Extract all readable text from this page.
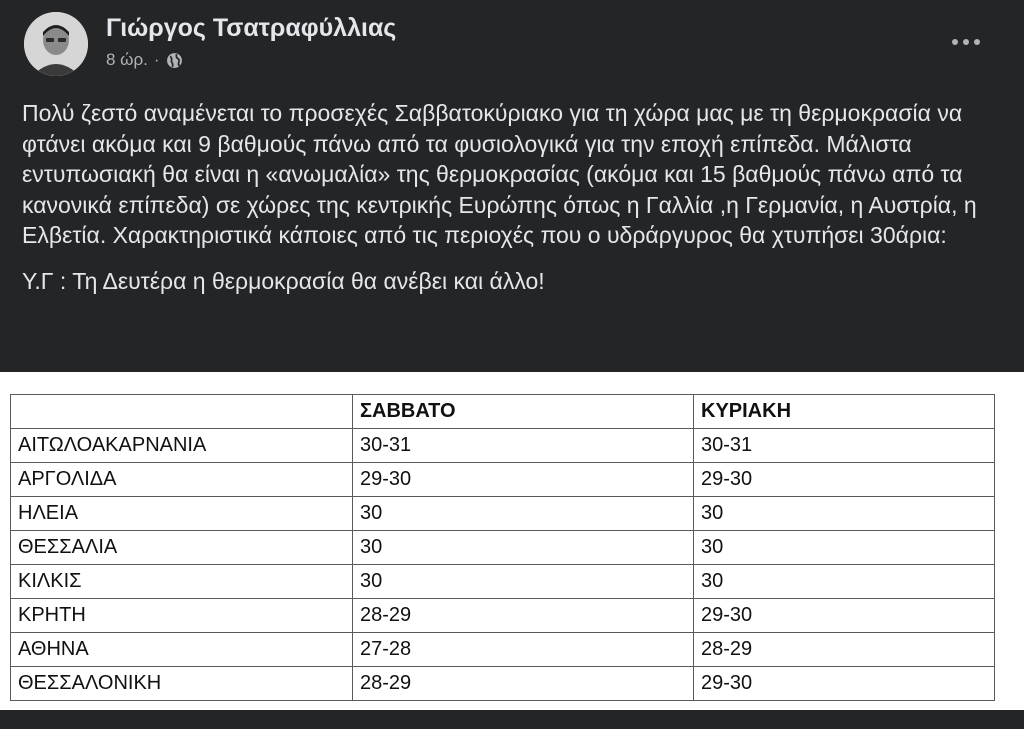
Γιώργος Τσατραφύλλιας
8 ώρ. ·

Πολύ ζεστό αναμένεται το προσεχές Σαββατοκύριακο για τη χώρα μας με τη θερμοκρασία να φτάνει ακόμα και 9 βαθμούς πάνω από τα φυσιολογικά για την εποχή επίπεδα. Μάλιστα εντυπωσιακή θα είναι η «ανωμαλία» της θερμοκρασίας (ακόμα και 15 βαθμούς πάνω από τα κανονικά επίπεδα) σε χώρες της κεντρικής Ευρώπης όπως η Γαλλία ,η Γερμανία, η Αυστρία, η Ελβετία. Χαρακτηριστικά κάποιες από τις περιοχές που ο υδράργυρος θα χτυπήσει 30άρια:

Υ.Γ : Τη Δευτέρα η θερμοκρασία θα ανέβει και άλλο!

	ΣΑΒΒΑΤΟ	ΚΥΡΙΑΚΗ
ΑΙΤΩΛΟΑΚΑΡΝΑΝΙΑ	30-31	30-31
ΑΡΓΟΛΙΔΑ	29-30	29-30
ΗΛΕΙΑ	30	30
ΘΕΣΣΑΛΙΑ	30	30
ΚΙΛΚΙΣ	30	30
ΚΡΗΤΗ	28-29	29-30
ΑΘΗΝΑ	27-28	28-29
ΘΕΣΣΑΛΟΝΙΚΗ	28-29	29-30
